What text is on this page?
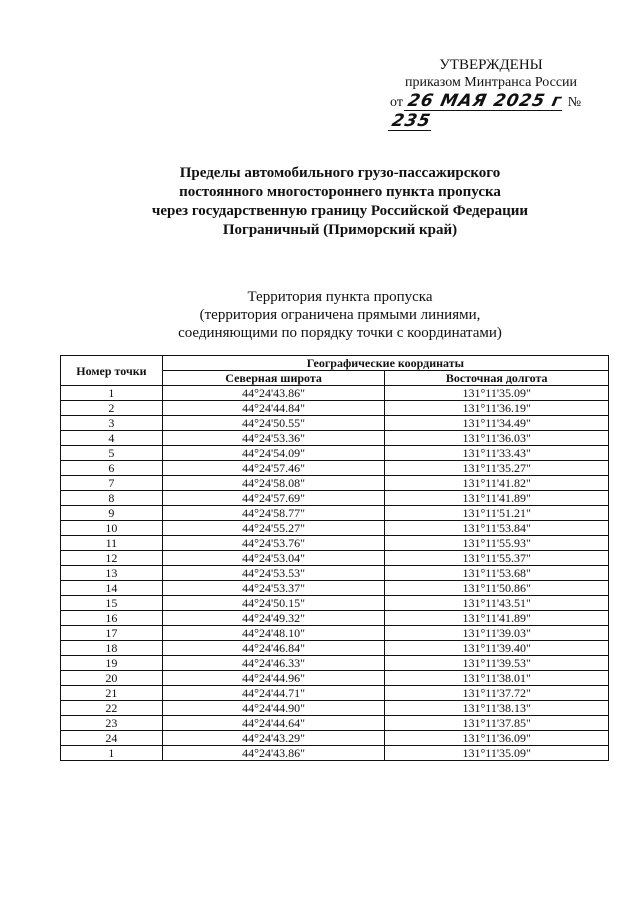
УТВЕРЖДЕНЫ
приказом Минтранса России
от 26 МАЯ 2025 г № 235
Пределы автомобильного грузо-пассажирского
постоянного многостороннего пункта пропуска
через государственную границу Российской Федерации
Пограничный (Приморский край)
Территория пункта пропуска
(территория ограничена прямыми линиями,
соединяющими по порядку точки с координатами)
Номер точки	Географические координаты	
	Северная широта	Восточная долгота
1	44°24'43.86"	131°11'35.09"
2	44°24'44.84"	131°11'36.19"
3	44°24'50.55"	131°11'34.49"
4	44°24'53.36"	131°11'36.03"
5	44°24'54.09"	131°11'33.43"
6	44°24'57.46"	131°11'35.27"
7	44°24'58.08"	131°11'41.82"
8	44°24'57.69"	131°11'41.89"
9	44°24'58.77"	131°11'51.21"
10	44°24'55.27"	131°11'53.84"
11	44°24'53.76"	131°11'55.93"
12	44°24'53.04"	131°11'55.37"
13	44°24'53.53"	131°11'53.68"
14	44°24'53.37"	131°11'50.86"
15	44°24'50.15"	131°11'43.51"
16	44°24'49.32"	131°11'41.89"
17	44°24'48.10"	131°11'39.03"
18	44°24'46.84"	131°11'39.40"
19	44°24'46.33"	131°11'39.53"
20	44°24'44.96"	131°11'38.01"
21	44°24'44.71"	131°11'37.72"
22	44°24'44.90"	131°11'38.13"
23	44°24'44.64"	131°11'37.85"
24	44°24'43.29"	131°11'36.09"
1	44°24'43.86"	131°11'35.09"
